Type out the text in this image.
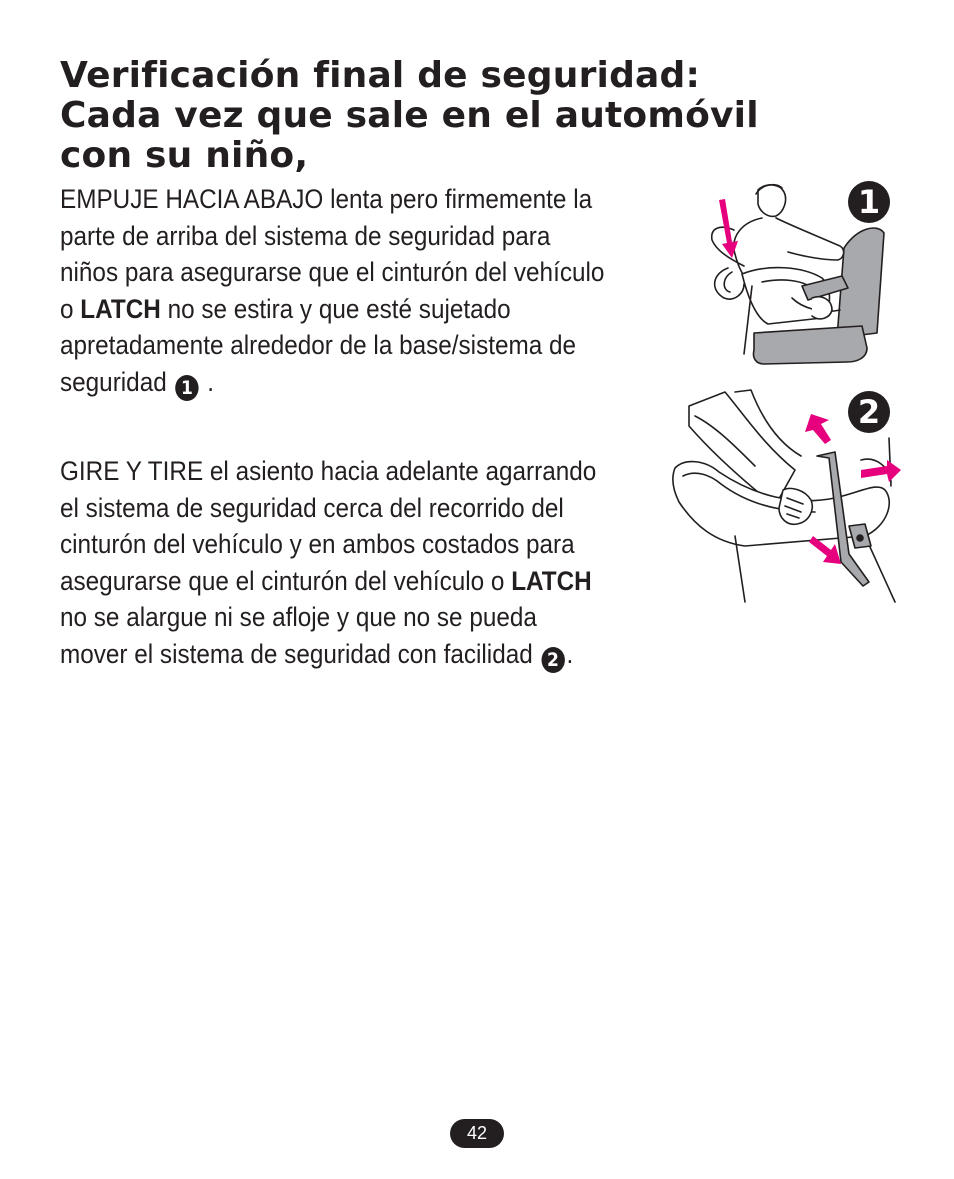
Verificación final de seguridad:
Cada vez que sale en el automóvil
con su niño,
EMPUJE HACIA ABAJO lenta pero firmemente la
parte de arriba del sistema de seguridad para
niños para asegurarse que el cinturón del vehículo
o LATCH no se estira y que esté sujetado
apretadamente alrededor de la base/sistema de
seguridad 1 .
GIRE Y TIRE el asiento hacia adelante agarrando
el sistema de seguridad cerca del recorrido del
cinturón del vehículo y en ambos costados para
asegurarse que el cinturón del vehículo o LATCH
no se alargue ni se afloje y que no se pueda
mover el sistema de seguridad con facilidad 2 .
1
2
42
